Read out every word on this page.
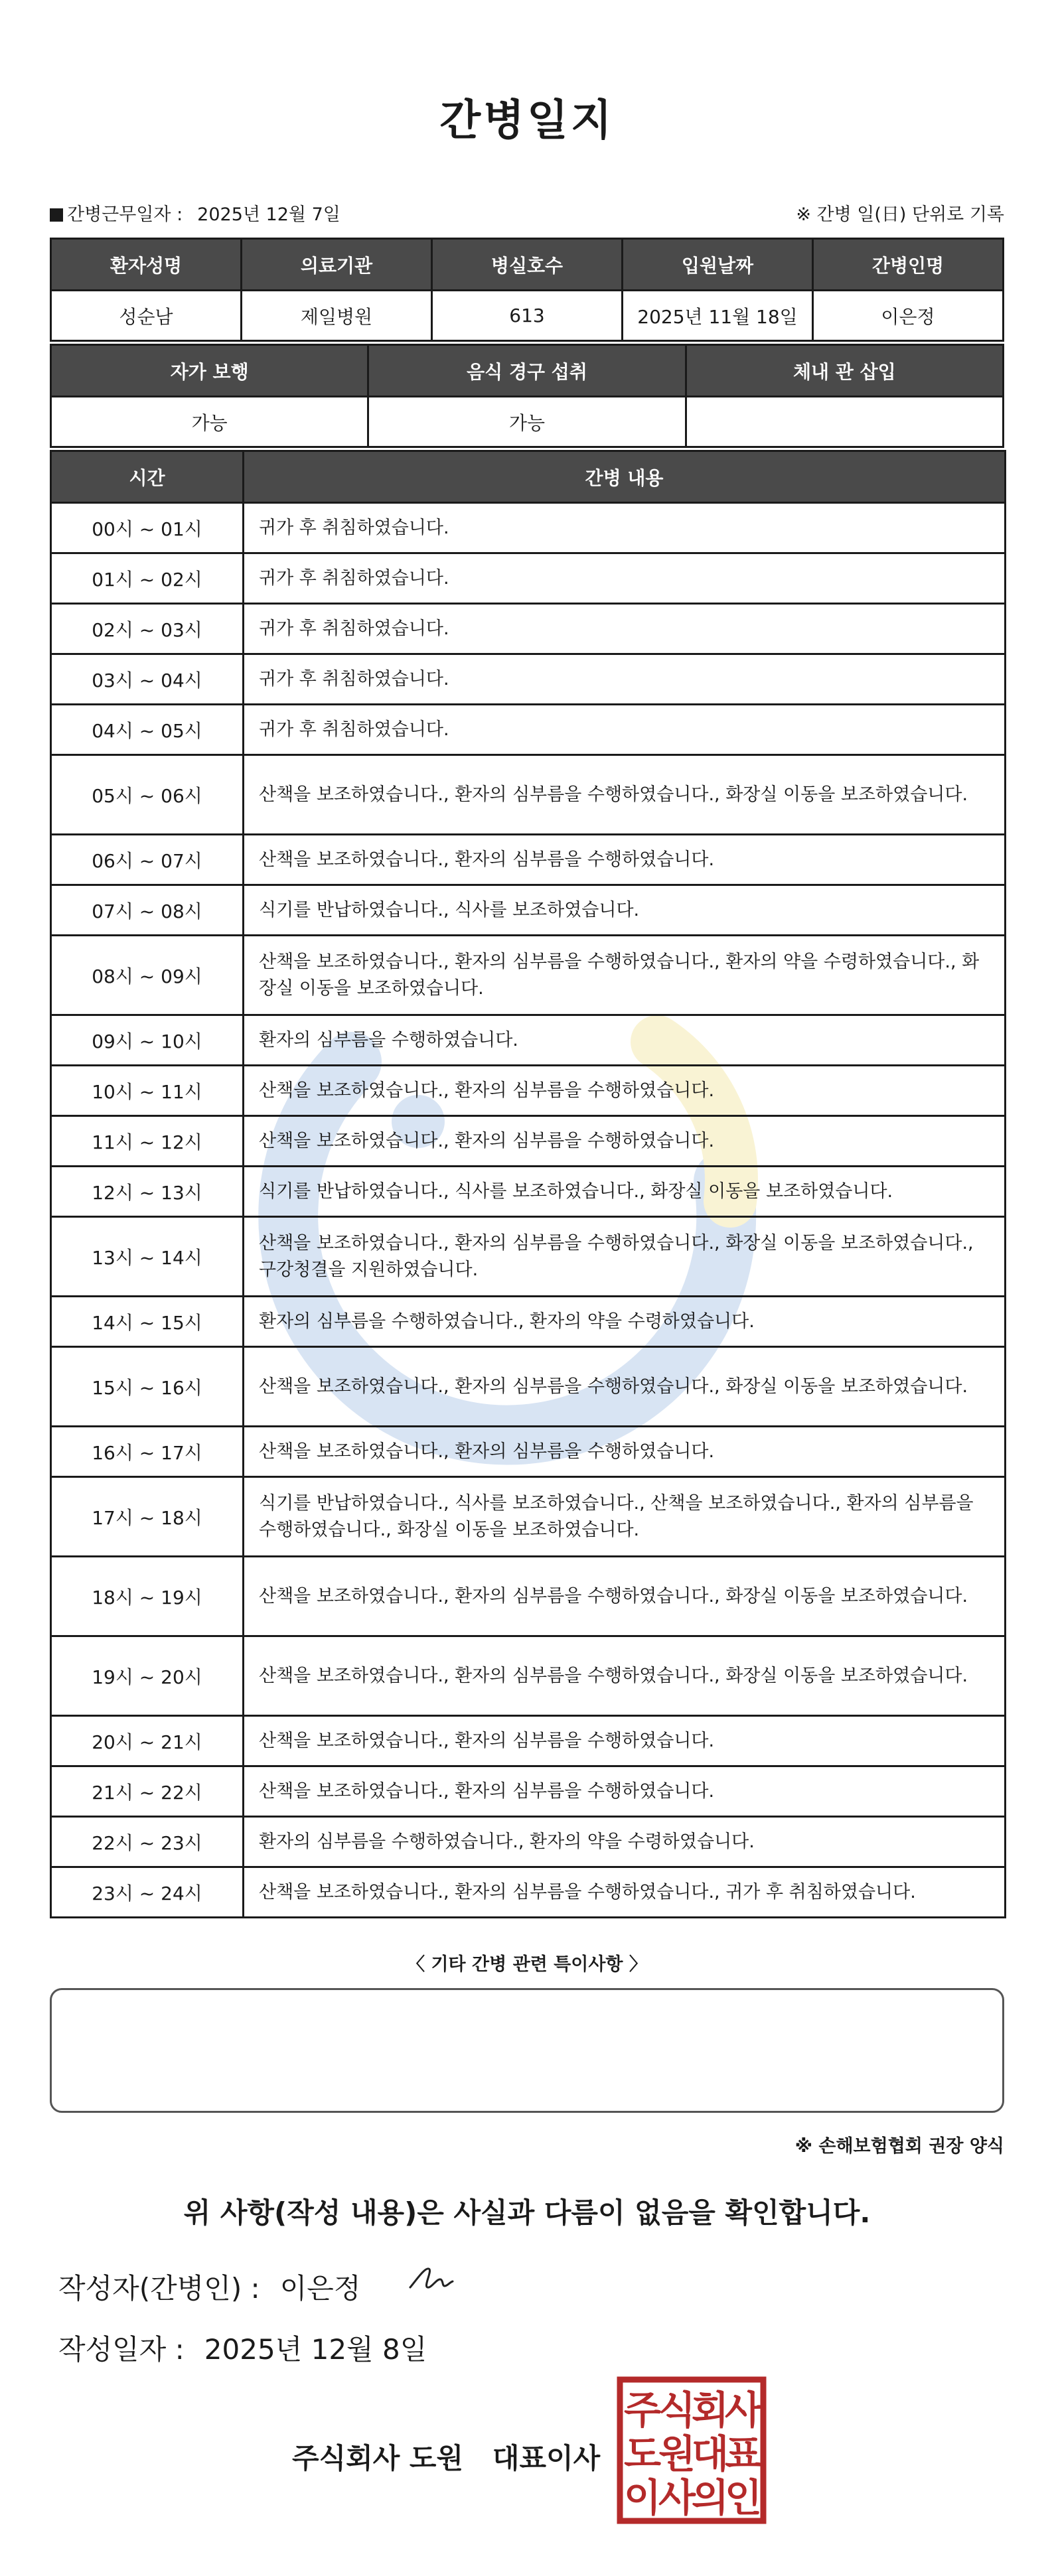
간병일지
간병근무일자 : 2025년 12월 7일	※ 간병 일(日) 단위로 기록
환자성명	의료기관	병실호수	입원날짜	간병인명
성순남	제일병원	613	2025년 11월 18일	이은정
자가 보행	음식 경구 섭취	체내 관 삽입
가능	가능	
시간	간병 내용
00시 ~ 01시	귀가 후 취침하였습니다.
01시 ~ 02시	귀가 후 취침하였습니다.
02시 ~ 03시	귀가 후 취침하였습니다.
03시 ~ 04시	귀가 후 취침하였습니다.
04시 ~ 05시	귀가 후 취침하였습니다.
05시 ~ 06시	산책을 보조하였습니다., 환자의 심부름을 수행하였습니다., 화장실 이동을 보조하였습니다.
06시 ~ 07시	산책을 보조하였습니다., 환자의 심부름을 수행하였습니다.
07시 ~ 08시	식기를 반납하였습니다., 식사를 보조하였습니다.
08시 ~ 09시	산책을 보조하였습니다., 환자의 심부름을 수행하였습니다., 환자의 약을 수령하였습니다., 화장실 이동을 보조하였습니다.
09시 ~ 10시	환자의 심부름을 수행하였습니다.
10시 ~ 11시	산책을 보조하였습니다., 환자의 심부름을 수행하였습니다.
11시 ~ 12시	산책을 보조하였습니다., 환자의 심부름을 수행하였습니다.
12시 ~ 13시	식기를 반납하였습니다., 식사를 보조하였습니다., 화장실 이동을 보조하였습니다.
13시 ~ 14시	산책을 보조하였습니다., 환자의 심부름을 수행하였습니다., 화장실 이동을 보조하였습니다., 구강청결을 지원하였습니다.
14시 ~ 15시	환자의 심부름을 수행하였습니다., 환자의 약을 수령하였습니다.
15시 ~ 16시	산책을 보조하였습니다., 환자의 심부름을 수행하였습니다., 화장실 이동을 보조하였습니다.
16시 ~ 17시	산책을 보조하였습니다., 환자의 심부름을 수행하였습니다.
17시 ~ 18시	식기를 반납하였습니다., 식사를 보조하였습니다., 산책을 보조하였습니다., 환자의 심부름을 수행하였습니다., 화장실 이동을 보조하였습니다.
18시 ~ 19시	산책을 보조하였습니다., 환자의 심부름을 수행하였습니다., 화장실 이동을 보조하였습니다.
19시 ~ 20시	산책을 보조하였습니다., 환자의 심부름을 수행하였습니다., 화장실 이동을 보조하였습니다.
20시 ~ 21시	산책을 보조하였습니다., 환자의 심부름을 수행하였습니다.
21시 ~ 22시	산책을 보조하였습니다., 환자의 심부름을 수행하였습니다.
22시 ~ 23시	환자의 심부름을 수행하였습니다., 환자의 약을 수령하였습니다.
23시 ~ 24시	산책을 보조하였습니다., 환자의 심부름을 수행하였습니다., 귀가 후 취침하였습니다.
〈 기타 간병 관련 특이사항 〉
※ 손해보험협회 권장 양식
위 사항(작성 내용)은 사실과 다름이 없음을 확인합니다.
작성자(간병인) : 이은정
작성일자 : 2025년 12월 8일
주식회사 도원   대표이사
주
식
회
사
도
원
대
표
이
사
의
인
